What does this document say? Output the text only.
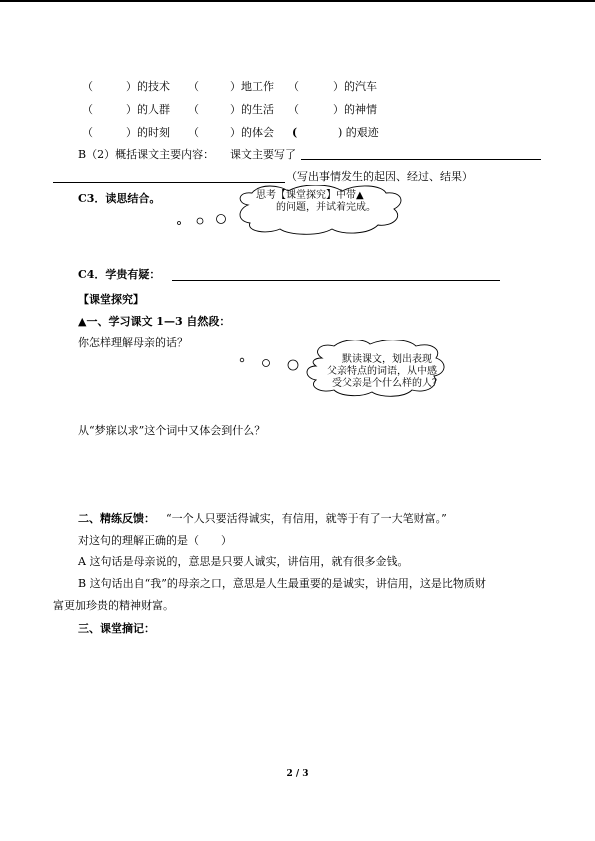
（	）的技术 （	）地工作 （	）的汽车
（	）的人群 （	）的生活 （	）的神情
（	）的时刻 （	）的体会 (	) 的艰迹
B（2）概括课文主要内容： 课文主要写了
（写出事情发生的起因、经过、结果）
C3．读思结合。	思考【课堂探究】中带▲
的问题，并试着完成。
C4．学贵有疑：
【课堂探究】
▲一、学习课文 1—3 自然段：
你怎样理解母亲的话？
默读课文，划出表现
父亲特点的词语，从中感
受父亲是个什么样的人？
从“梦寐以求”这个词中又体会到什么？
二、精练反馈： “一个人只要活得诚实，有信用，就等于有了一大笔财富。”
对这句的理解正确的是（　　）
A 这句话是母亲说的，意思是只要人诚实，讲信用，就有很多金钱。
B 这句话出自“我”的母亲之口，意思是人生最重要的是诚实，讲信用，这是比物质财
富更加珍贵的精神财富。
三、课堂摘记：
2 / 3
